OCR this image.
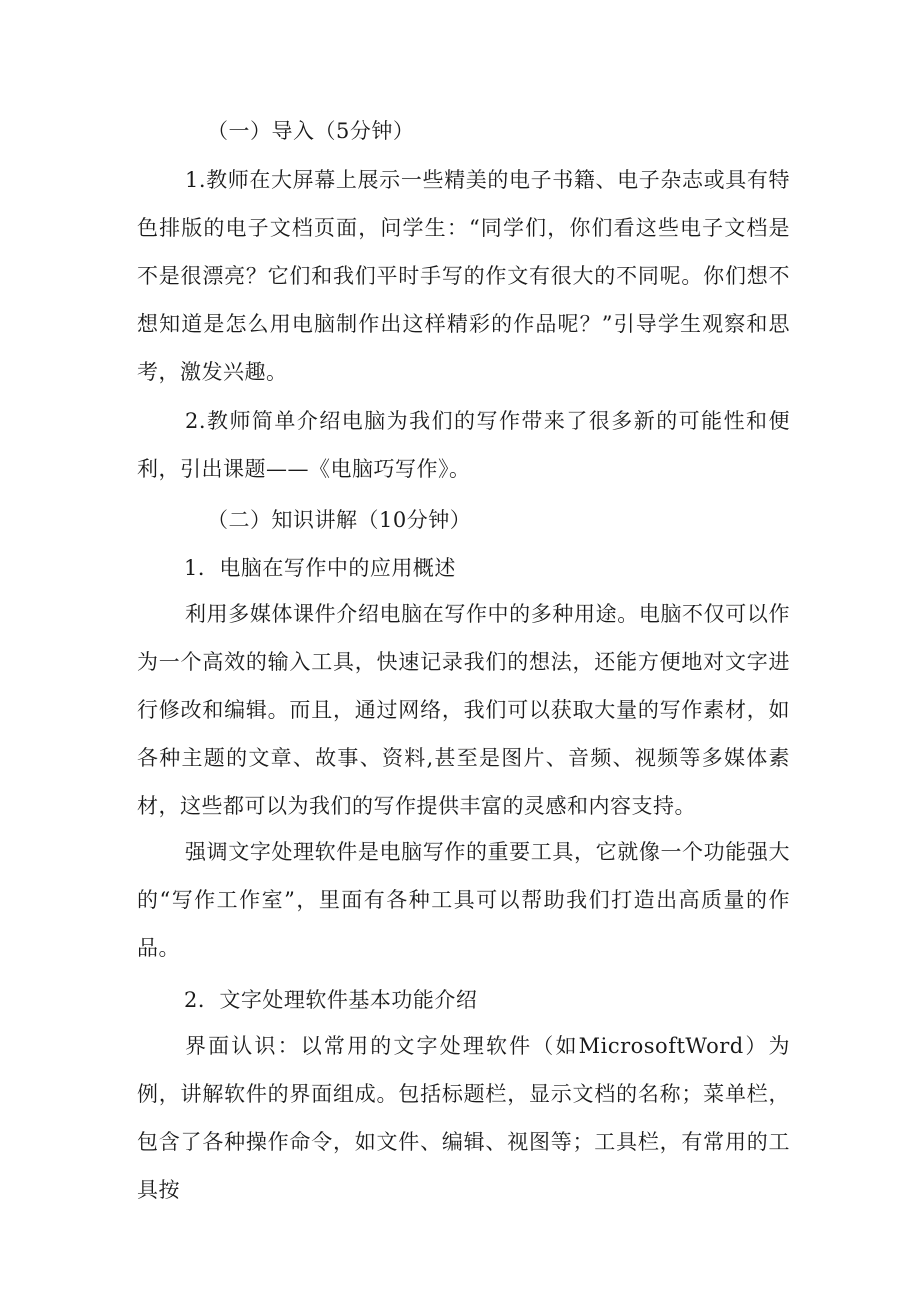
（一）导入（5分钟）
1.教师在大屏幕上展示一些精美的电子书籍、电子杂志或具有特色排版的电子文档页面，问学生：“同学们，你们看这些电子文档是不是很漂亮？它们和我们平时手写的作文有很大的不同呢。你们想不想知道是怎么用电脑制作出这样精彩的作品呢？”引导学生观察和思考，激发兴趣。
2.教师简单介绍电脑为我们的写作带来了很多新的可能性和便利，引出课题——《电脑巧写作》。
（二）知识讲解（10分钟）
1．电脑在写作中的应用概述
利用多媒体课件介绍电脑在写作中的多种用途。电脑不仅可以作为一个高效的输入工具，快速记录我们的想法，还能方便地对文字进行修改和编辑。而且，通过网络，我们可以获取大量的写作素材，如各种主题的文章、故事、资料,甚至是图片、音频、视频等多媒体素材，这些都可以为我们的写作提供丰富的灵感和内容支持。
强调文字处理软件是电脑写作的重要工具，它就像一个功能强大的“写作工作室”，里面有各种工具可以帮助我们打造出高质量的作品。
2．文字处理软件基本功能介绍
界面认识：以常用的文字处理软件（如MicrosoftWord）为例，讲解软件的界面组成。包括标题栏，显示文档的名称；菜单栏，包含了各种操作命令，如文件、编辑、视图等；工具栏，有常用的工具按
